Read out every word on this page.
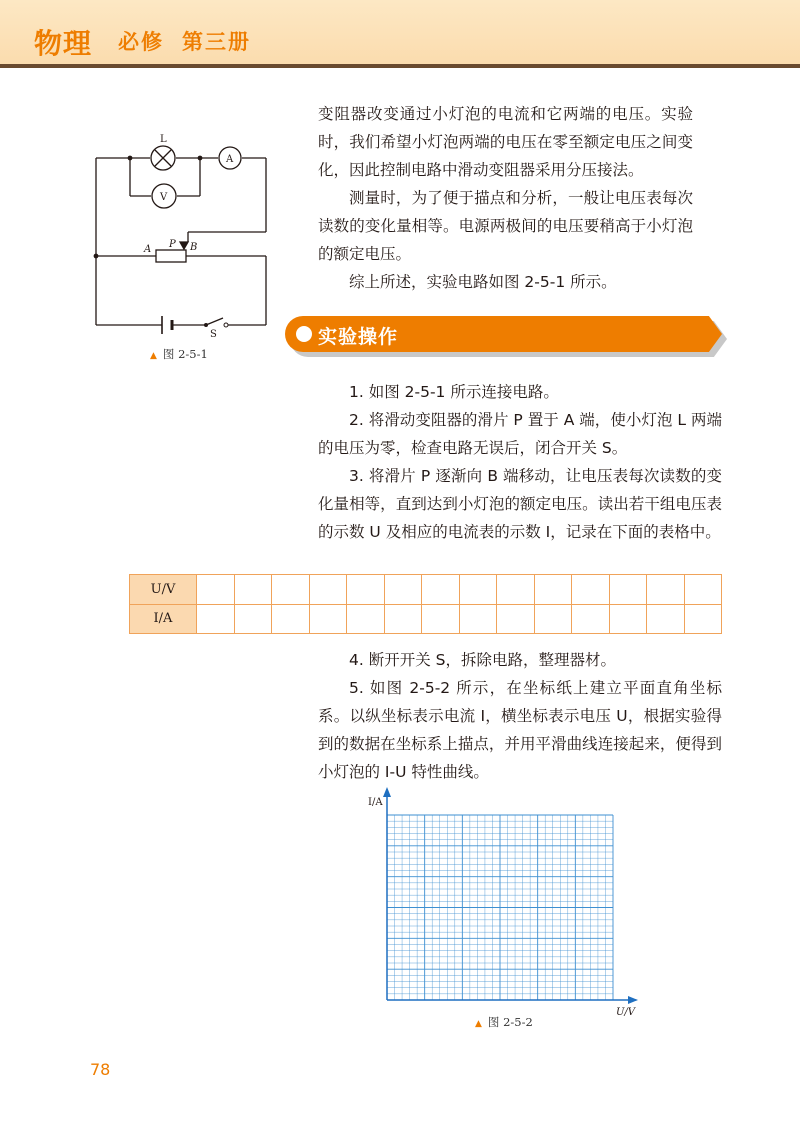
物理 必修 第三册
L
A
V
A P B
S
▲ 图 2-5-1

变阻器改变通过小灯泡的电流和它两端的电压。实验时，我们希望小灯泡两端的电压在零至额定电压之间变化，因此控制电路中滑动变阻器采用分压接法。

测量时，为了便于描点和分析，一般让电压表每次读数的变化量相等。电源两极间的电压要稍高于小灯泡的额定电压。

综上所述，实验电路如图 2-5-1 所示。

实验操作

1. 如图 2-5-1 所示连接电路。

2. 将滑动变阻器的滑片 P 置于 A 端，使小灯泡 L 两端的电压为零，检查电路无误后，闭合开关 S。

3. 将滑片 P 逐渐向 B 端移动，让电压表每次读数的变化量相等，直到达到小灯泡的额定电压。读出若干组电压表的示数 U 及相应的电流表的示数 I，记录在下面的表格中。

U/V														
I/A														

4. 断开开关 S，拆除电路，整理器材。

5. 如图 2-5-2 所示，在坐标纸上建立平面直角坐标系。以纵坐标表示电流 I，横坐标表示电压 U，根据实验得到的数据在坐标系上描点，并用平滑曲线连接起来，便得到小灯泡的 I-U 特性曲线。

I/A
U/V
▲ 图 2-5-2
78
